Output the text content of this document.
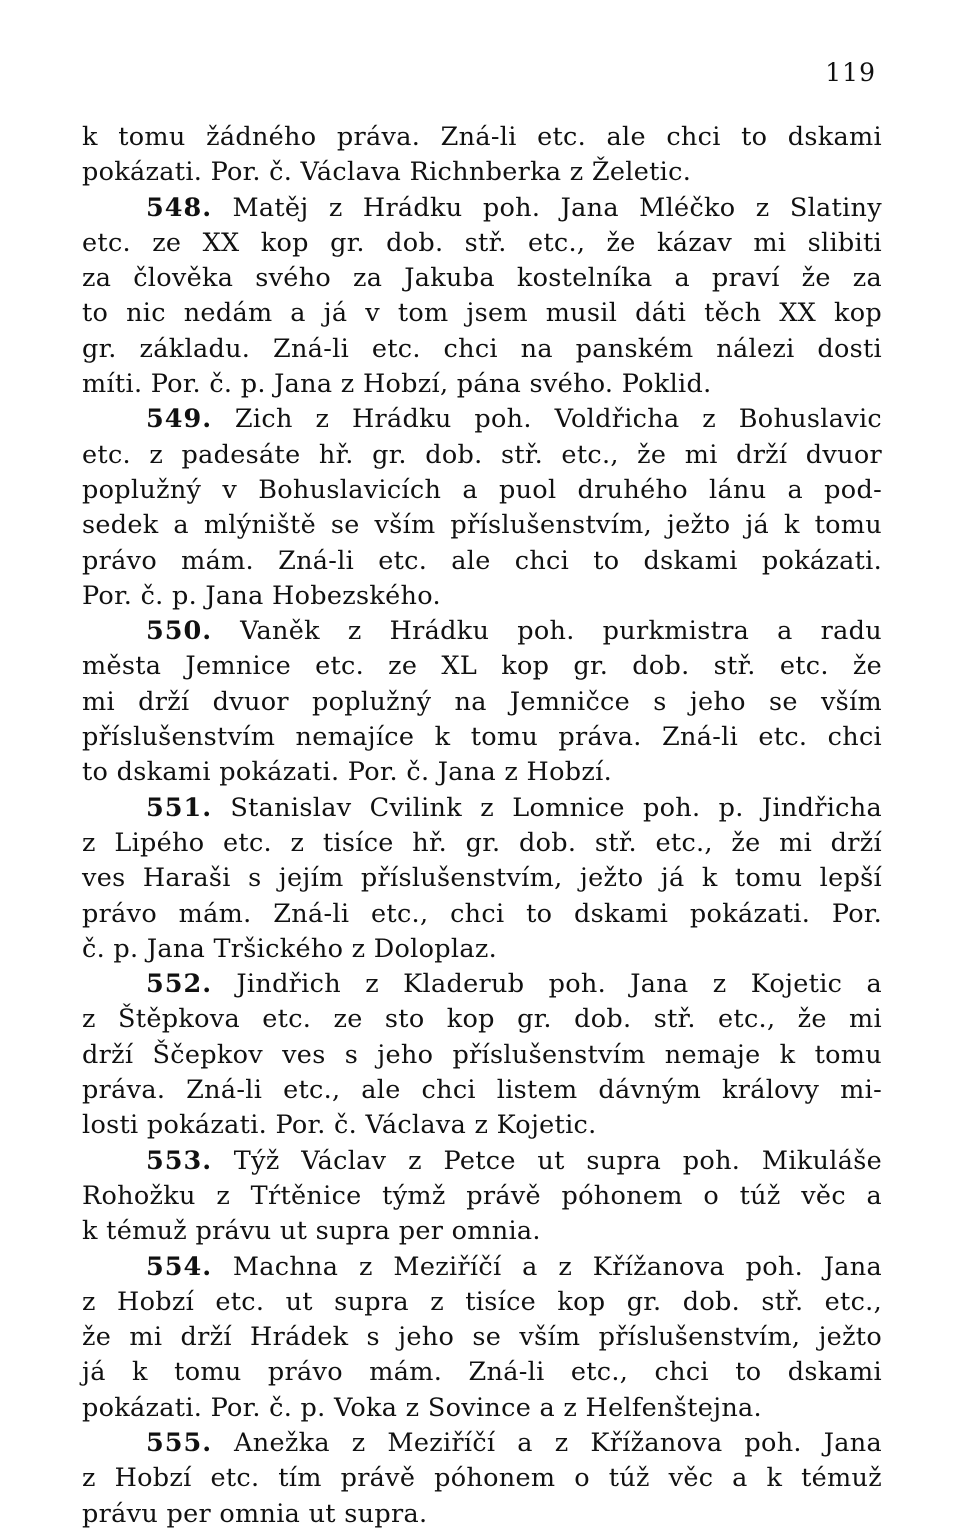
119
k tomu žádného práva. Zná-li etc. ale chci to dskami
pokázati. Por. č. Václava Richnberka z Želetic.
548. Matěj z Hrádku poh. Jana Mléčko z Slatiny
etc. ze XX kop gr. dob. stř. etc., že kázav mi slibiti
za člověka svého za Jakuba kostelníka a praví že za
to nic nedám a já v tom jsem musil dáti těch XX kop
gr. základu. Zná-li etc. chci na panském nálezi dosti
míti. Por. č. p. Jana z Hobzí, pána svého. Poklid.
549. Zich z Hrádku poh. Voldřicha z Bohuslavic
etc. z padesáte hř. gr. dob. stř. etc., že mi drží dvuor
poplužný v Bohuslavicích a puol druhého lánu a pod-
sedek a mlýniště se vším příslušenstvím, ježto já k tomu
právo mám. Zná-li etc. ale chci to dskami pokázati.
Por. č. p. Jana Hobezského.
550. Vaněk z Hrádku poh. purkmistra a radu
města Jemnice etc. ze XL kop gr. dob. stř. etc. že
mi drží dvuor poplužný na Jemničce s jeho se vším
příslušenstvím nemajíce k tomu práva. Zná-li etc. chci
to dskami pokázati. Por. č. Jana z Hobzí.
551. Stanislav Cvilink z Lomnice poh. p. Jindřicha
z Lipého etc. z tisíce hř. gr. dob. stř. etc., že mi drží
ves Haraši s jejím příslušenstvím, ježto já k tomu lepší
právo mám. Zná-li etc., chci to dskami pokázati. Por.
č. p. Jana Tršického z Doloplaz.
552. Jindřich z Kladerub poh. Jana z Kojetic a
z Štěpkova etc. ze sto kop gr. dob. stř. etc., že mi
drží Ščepkov ves s jeho příslušenstvím nemaje k tomu
práva. Zná-li etc., ale chci listem dávným královy mi-
losti pokázati. Por. č. Václava z Kojetic.
553. Týž Václav z Petce ut supra poh. Mikuláše
Rohožku z Tŕtěnice týmž právě póhonem o túž věc a
k témuž právu ut supra per omnia.
554. Machna z Meziříčí a z Křížanova poh. Jana
z Hobzí etc. ut supra z tisíce kop gr. dob. stř. etc.,
že mi drží Hrádek s jeho se vším příslušenstvím, ježto
já k tomu právo mám. Zná-li etc., chci to dskami
pokázati. Por. č. p. Voka z Sovince a z Helfenštejna.
555. Anežka z Meziříčí a z Křížanova poh. Jana
z Hobzí etc. tím právě póhonem o túž věc a k témuž
právu per omnia ut supra.
